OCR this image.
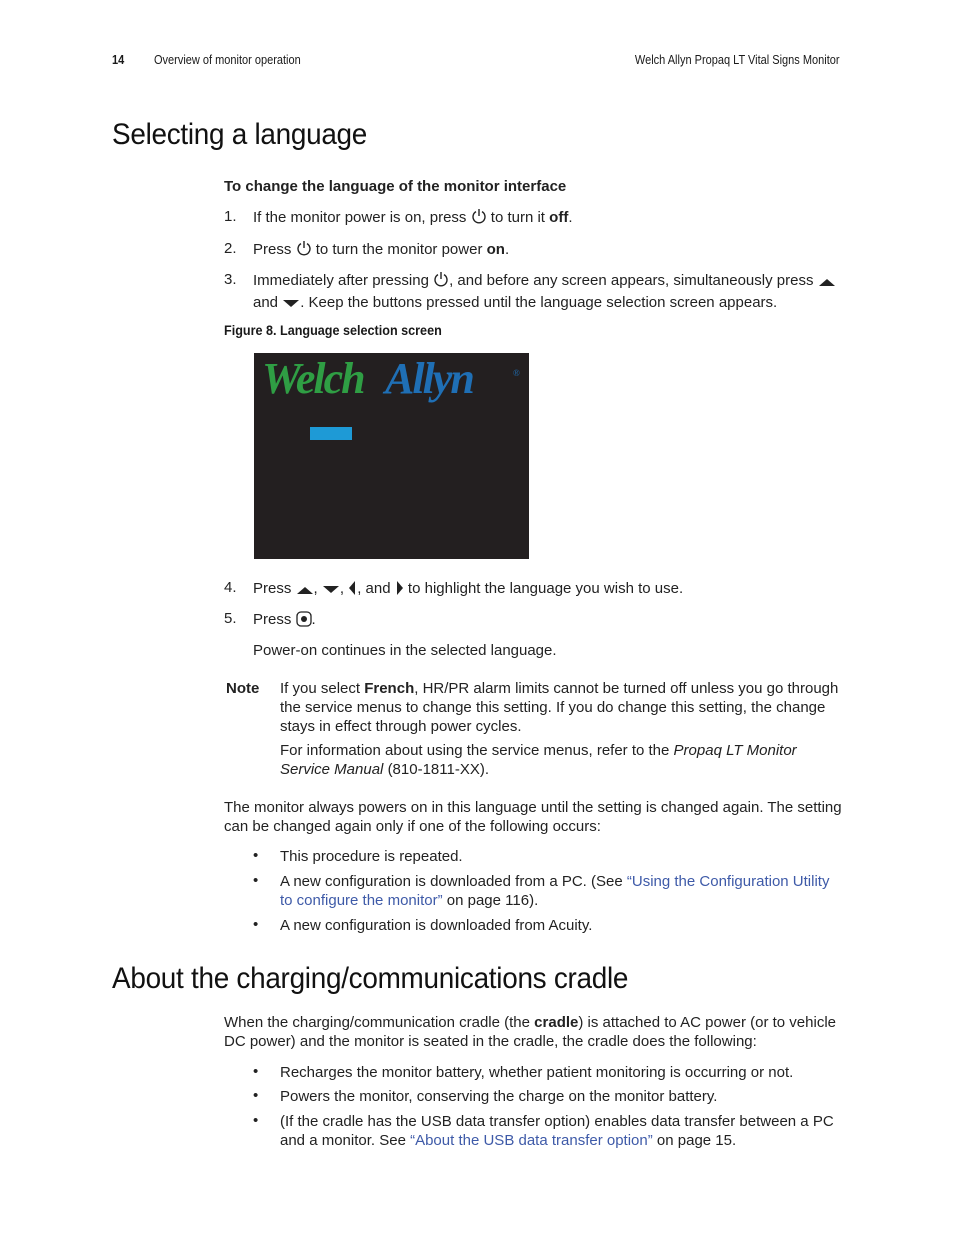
14 Overview of monitor operation	Welch Allyn Propaq LT Vital Signs Monitor
Selecting a language
To change the language of the monitor interface
1. If the monitor power is on, press to turn it off.
2. Press to turn the monitor power on.
3. Immediately after pressing , and before any screen appears, simultaneously press  and . Keep the buttons pressed until the language selection screen appears.
Figure 8. Language selection screen
Welch Allyn	®
4. Press , , , and to highlight the language you wish to use.
5. Press .
Power-on continues in the selected language.
Note If you select French, HR/PR alarm limits cannot be turned off unless you go through the service menus to change this setting. If you do change this setting, the change stays in effect through power cycles.
For information about using the service menus, refer to the Propaq LT Monitor Service Manual (810-1811-XX).
The monitor always powers on in this language until the setting is changed again. The setting can be changed again only if one of the following occurs:
• This procedure is repeated.
• A new configuration is downloaded from a PC. (See “Using the Configuration Utility to configure the monitor” on page 116).
• A new configuration is downloaded from Acuity.
About the charging/communications cradle
When the charging/communication cradle (the cradle) is attached to AC power (or to vehicle DC power) and the monitor is seated in the cradle, the cradle does the following:
• Recharges the monitor battery, whether patient monitoring is occurring or not.
• Powers the monitor, conserving the charge on the monitor battery.
• (If the cradle has the USB data transfer option) enables data transfer between a PC and a monitor. See “About the USB data transfer option” on page 15.
